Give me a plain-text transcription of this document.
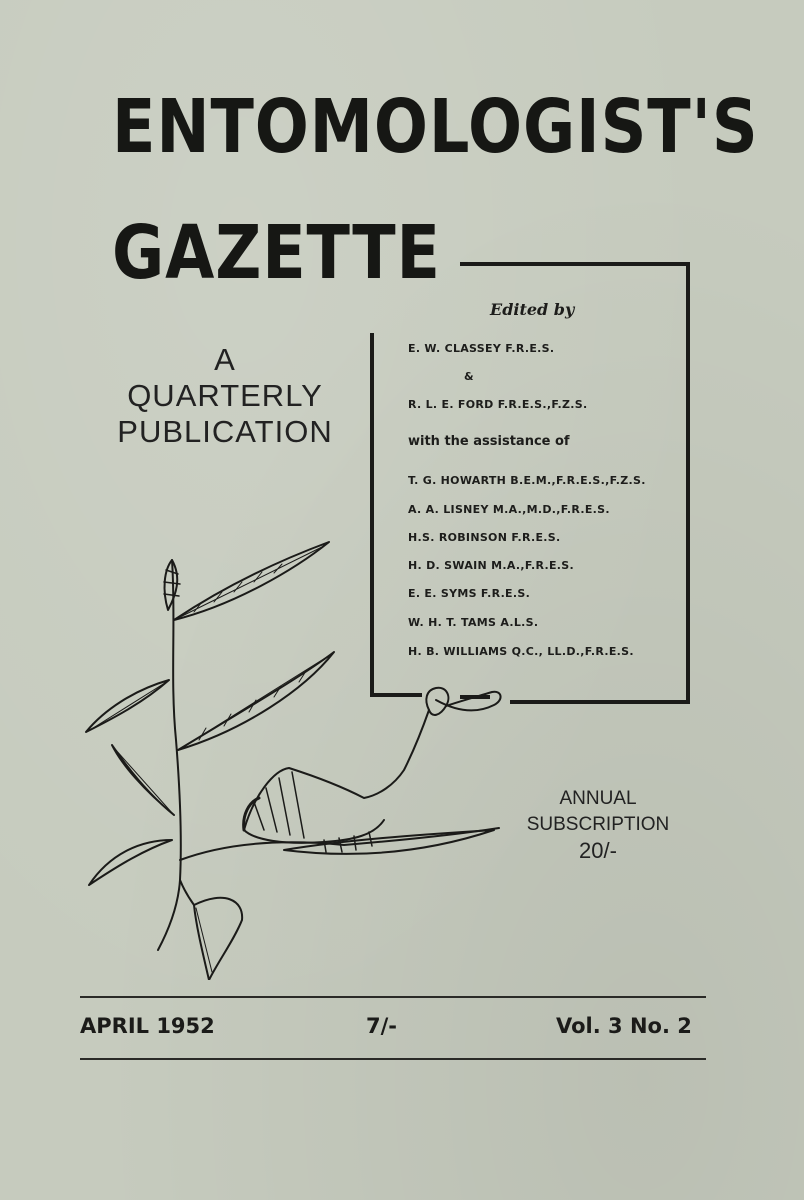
ENTOMOLOGIST'S
GAZETTE
A
QUARTERLY
PUBLICATION
Edited by
E. W. CLASSEY F.R.E.S.
&
R. L. E. FORD F.R.E.S.,F.Z.S.
with the assistance of
T. G. HOWARTH B.E.M.,F.R.E.S.,F.Z.S.
A. A. LISNEY M.A.,M.D.,F.R.E.S.
H.S. ROBINSON F.R.E.S.
H. D. SWAIN M.A.,F.R.E.S.
E. E. SYMS F.R.E.S.
W. H. T. TAMS A.L.S.
H. B. WILLIAMS Q.C., LL.D.,F.R.E.S.
ANNUAL
SUBSCRIPTION
20/-
APRIL 1952	7/-	Vol. 3 No. 2
